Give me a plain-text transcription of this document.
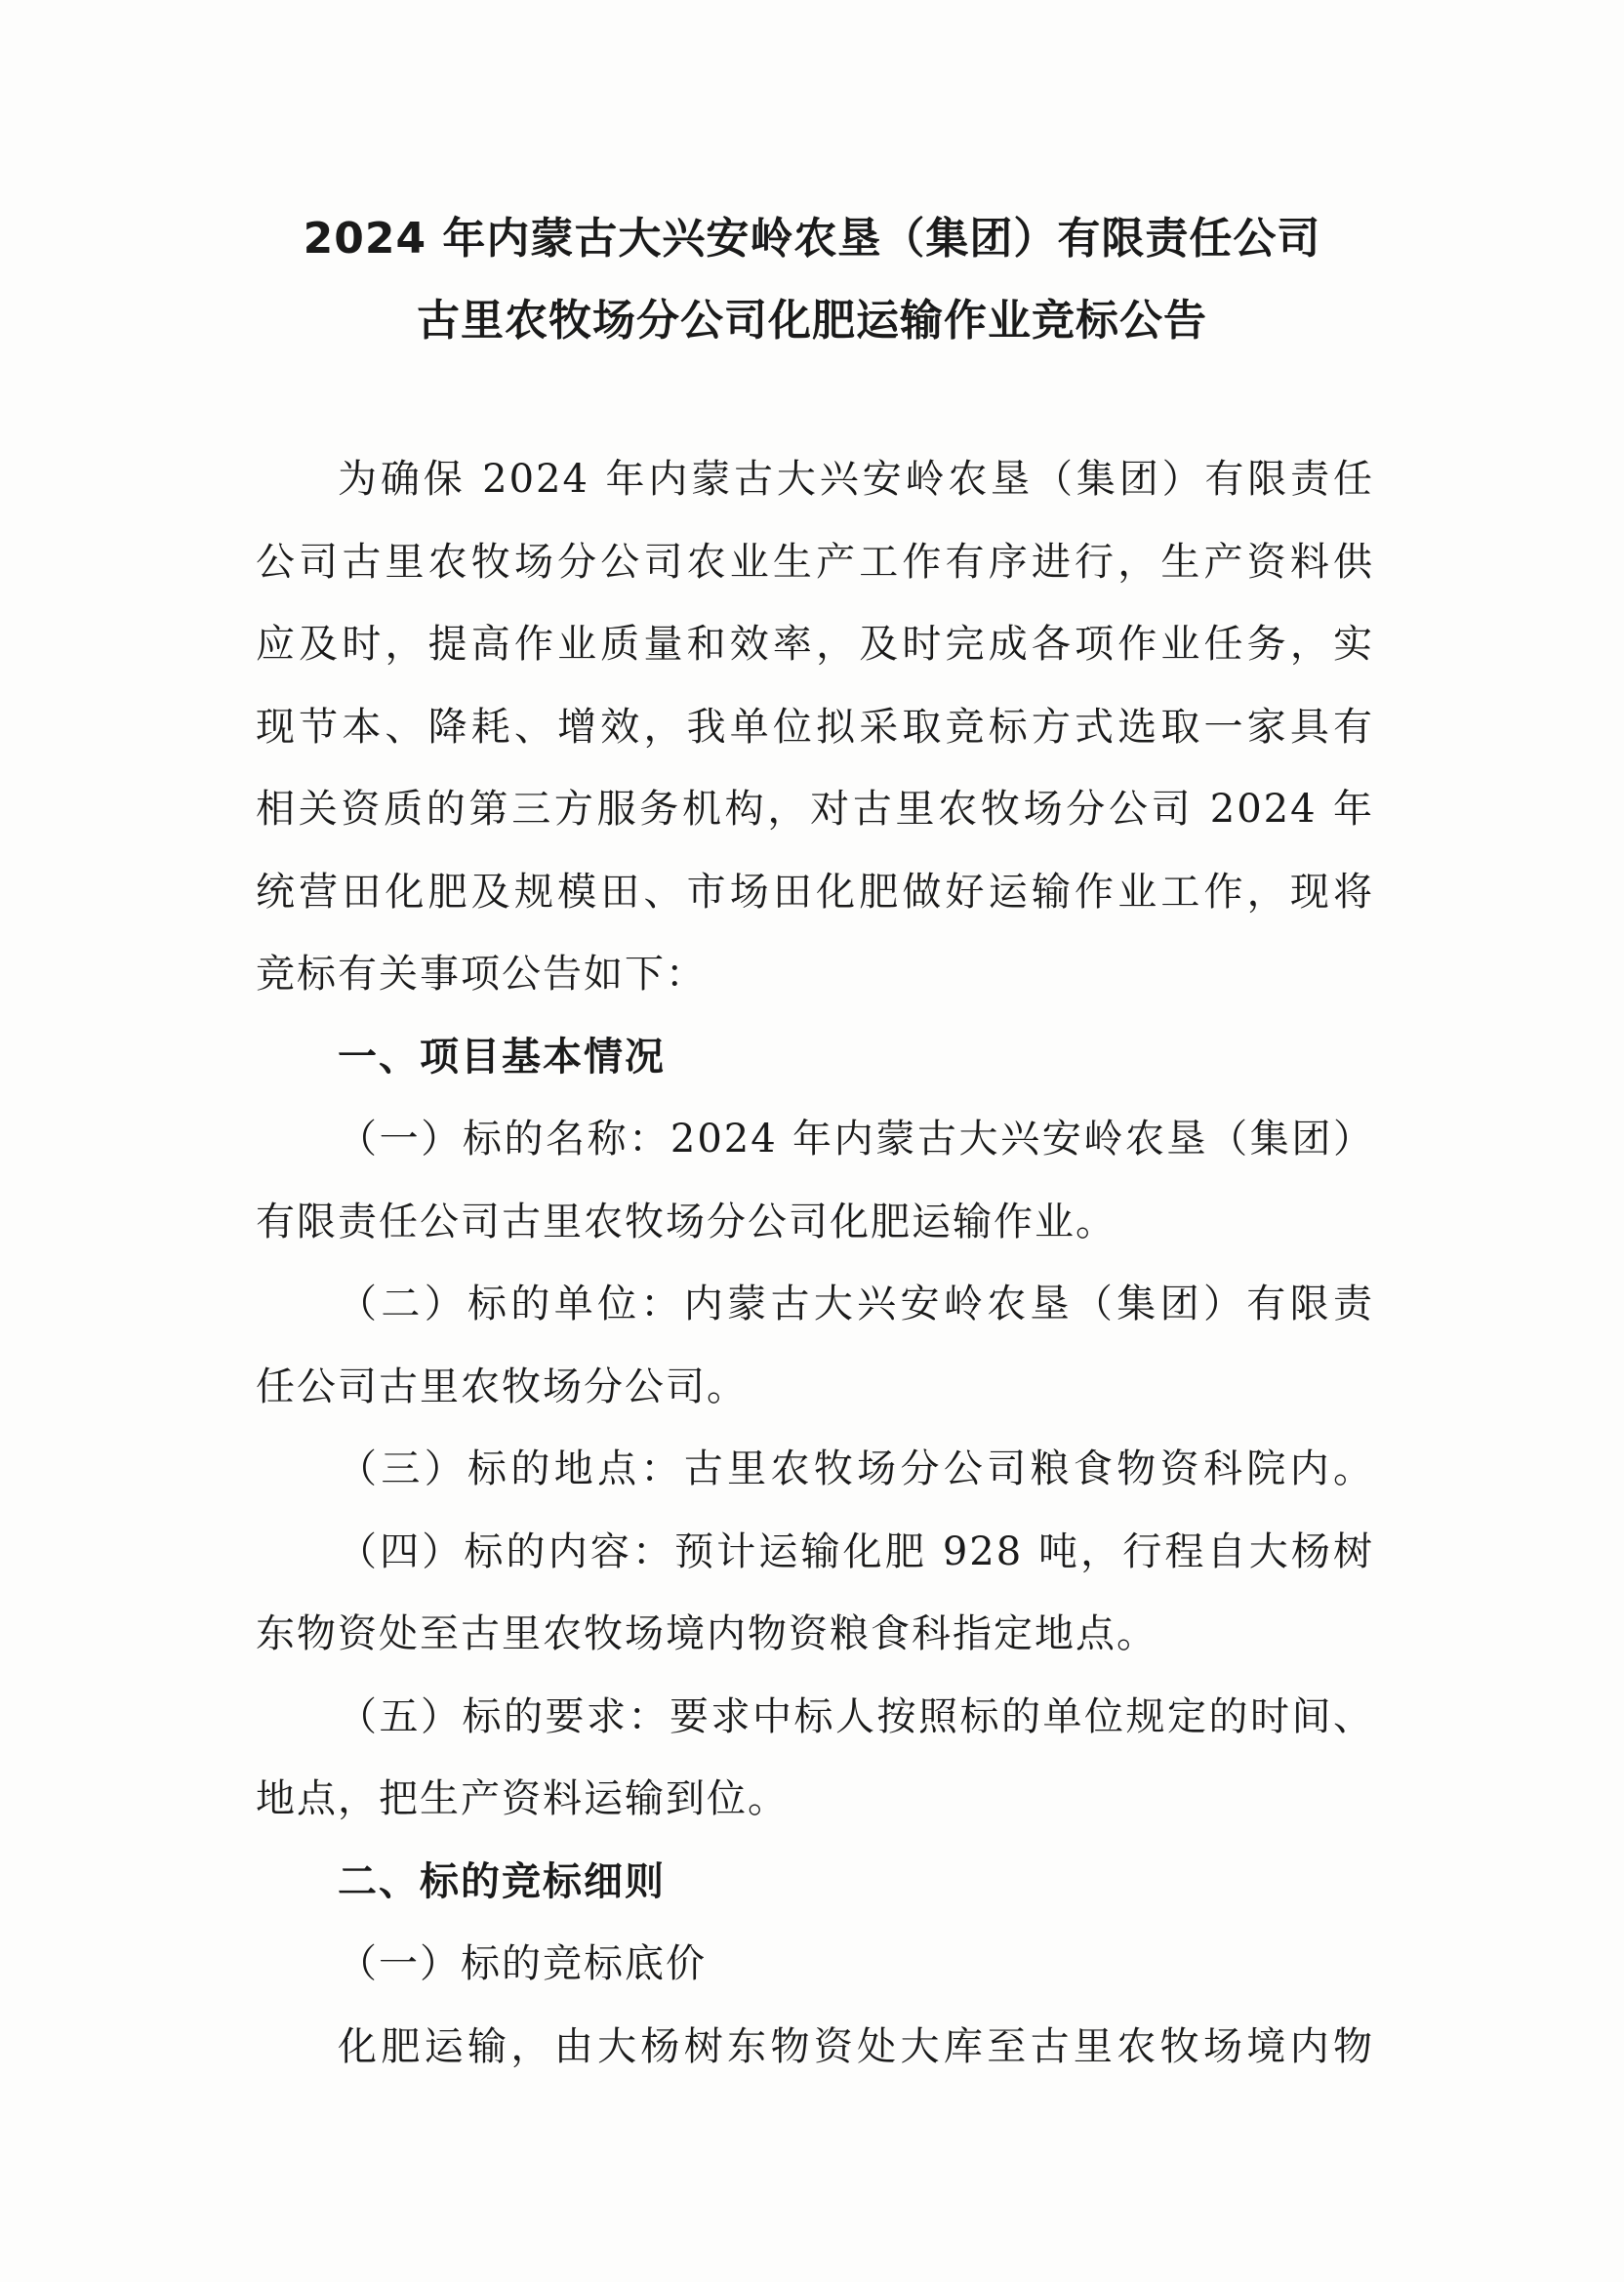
2024 年内蒙古大兴安岭农垦（集团）有限责任公司
古里农牧场分公司化肥运输作业竞标公告
为确保 2024 年内蒙古大兴安岭农垦（集团）有限责任
公司古里农牧场分公司农业生产工作有序进行，生产资料供
应及时，提高作业质量和效率，及时完成各项作业任务，实
现节本、降耗、增效，我单位拟采取竞标方式选取一家具有
相关资质的第三方服务机构，对古里农牧场分公司 2024 年
统营田化肥及规模田、市场田化肥做好运输作业工作，现将
竞标有关事项公告如下：
一、项目基本情况
（一）标的名称：2024 年内蒙古大兴安岭农垦（集团）
有限责任公司古里农牧场分公司化肥运输作业。
（二）标的单位：内蒙古大兴安岭农垦（集团）有限责
任公司古里农牧场分公司。
（三）标的地点：古里农牧场分公司粮食物资科院内。
（四）标的内容：预计运输化肥 928 吨，行程自大杨树
东物资处至古里农牧场境内物资粮食科指定地点。
（五）标的要求：要求中标人按照标的单位规定的时间、
地点，把生产资料运输到位。
二、标的竞标细则
（一）标的竞标底价
化肥运输，由大杨树东物资处大库至古里农牧场境内物
